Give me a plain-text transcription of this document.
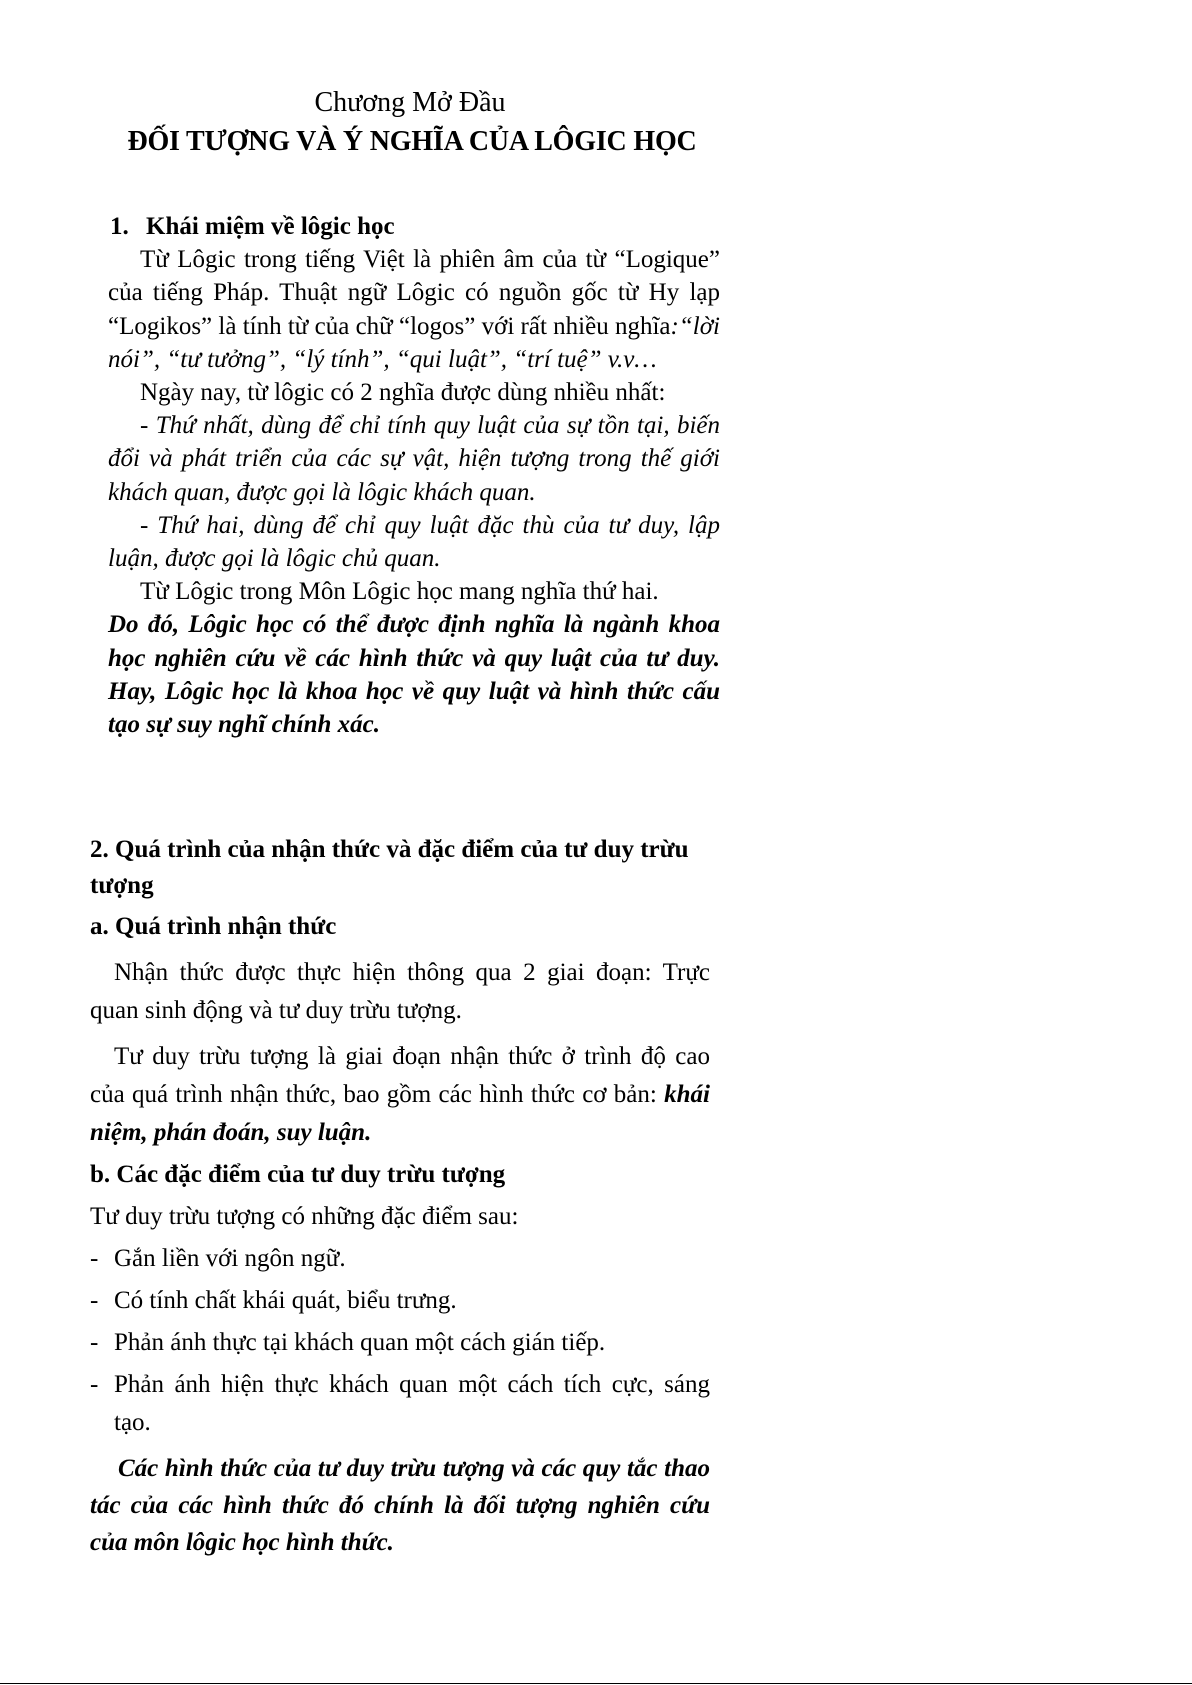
Chương Mở Đầu
ĐỐI TƯỢNG VÀ Ý NGHĨA CỦA LÔGIC HỌC
1. Khái miệm về lôgic học

Từ Lôgic trong tiếng Việt là phiên âm của từ “Logique” của tiếng Pháp. Thuật ngữ Lôgic có nguồn gốc từ Hy lạp “Logikos” là tính từ của chữ “logos” với rất nhiều nghĩa:“lời nói”, “tư tưởng”, “lý tính”, “qui luật”, “trí tuệ” v.v…

Ngày nay, từ lôgic có 2 nghĩa được dùng nhiều nhất:

- Thứ nhất, dùng để chỉ tính quy luật của sự tồn tại, biến đổi và phát triển của các sự vật, hiện tượng trong thế giới khách quan, được gọi là lôgic khách quan.

- Thứ hai, dùng để chỉ quy luật đặc thù của tư duy, lập luận, được gọi là lôgic chủ quan.

Từ Lôgic trong Môn Lôgic học mang nghĩa thứ hai.

Do đó, Lôgic học có thể được định nghĩa là ngành khoa học nghiên cứu về các hình thức và quy luật của tư duy. Hay, Lôgic học là khoa học về quy luật và hình thức cấu tạo sự suy nghĩ chính xác.

2. Quá trình của nhận thức và đặc điểm của tư duy trừu tượng
a. Quá trình nhận thức

Nhận thức được thực hiện thông qua 2 giai đoạn: Trực quan sinh động và tư duy trừu tượng.

Tư duy trừu tượng là giai đoạn nhận thức ở trình độ cao của quá trình nhận thức, bao gồm các hình thức cơ bản: khái niệm, phán đoán, suy luận.

b. Các đặc điểm của tư duy trừu tượng

Tư duy trừu tượng có những đặc điểm sau:

- Gắn liền với ngôn ngữ.
- Có tính chất khái quát, biểu trưng.
- Phản ánh thực tại khách quan một cách gián tiếp.
- Phản ánh hiện thực khách quan một cách tích cực, sáng tạo.

Các hình thức của tư duy trừu tượng và các quy tắc thao tác của các hình thức đó chính là đối tượng nghiên cứu của môn lôgic học hình thức.
